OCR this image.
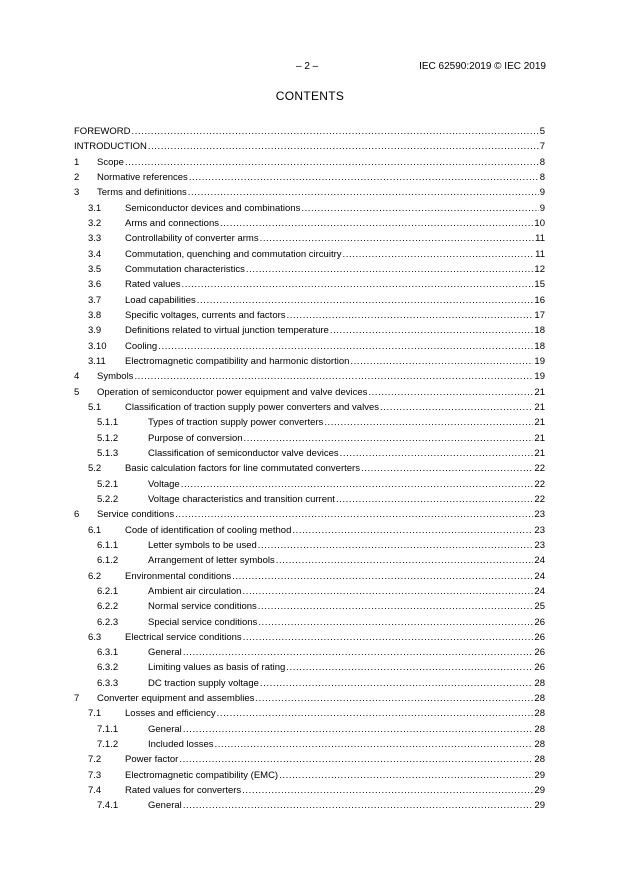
– 2 –	IEC 62590:2019 © IEC 2019
CONTENTS
FOREWORD .....	5
INTRODUCTION .....	7
1 Scope .....	8
2 Normative references .....	8
3 Terms and definitions .....	9
3.1	Semiconductor devices and combinations .....	9
3.2	Arms and connections .....	10
3.3	Controllability of converter arms .....	11
3.4	Commutation, quenching and commutation circuitry .....	11
3.5	Commutation characteristics .....	12
3.6	Rated values .....	15
3.7	Load capabilities .....	16
3.8	Specific voltages, currents and factors .....	17
3.9	Definitions related to virtual junction temperature .....	18
3.10 Cooling .....	18
3.11 Electromagnetic compatibility and harmonic distortion .....	19
4 Symbols .....	19
5 Operation of semiconductor power equipment and valve devices .....	21
5.1	Classification of traction supply power converters and valves .....	21
5.1.1	Types of traction supply power converters .....	21
5.1.2	Purpose of conversion .....	21
5.1.3	Classification of semiconductor valve devices .....	21
5.2	Basic calculation factors for line commutated converters .....	22
5.2.1	Voltage .....	22
5.2.2	Voltage characteristics and transition current .....	22
6 Service conditions .....	23
6.1	Code of identification of cooling method .....	23
6.1.1	Letter symbols to be used .....	23
6.1.2	Arrangement of letter symbols .....	24
6.2	Environmental conditions .....	24
6.2.1	Ambient air circulation .....	24
6.2.2	Normal service conditions .....	25
6.2.3	Special service conditions .....	26
6.3	Electrical service conditions .....	26
6.3.1	General .....	26
6.3.2	Limiting values as basis of rating .....	26
6.3.3	DC traction supply voltage .....	28
7 Converter equipment and assemblies .....	28
7.1	Losses and efficiency .....	28
7.1.1	General .....	28
7.1.2	Included losses .....	28
7.2	Power factor .....	28
7.3	Electromagnetic compatibility (EMC) .....	29
7.4	Rated values for converters .....	29
7.4.1	General .....	29
